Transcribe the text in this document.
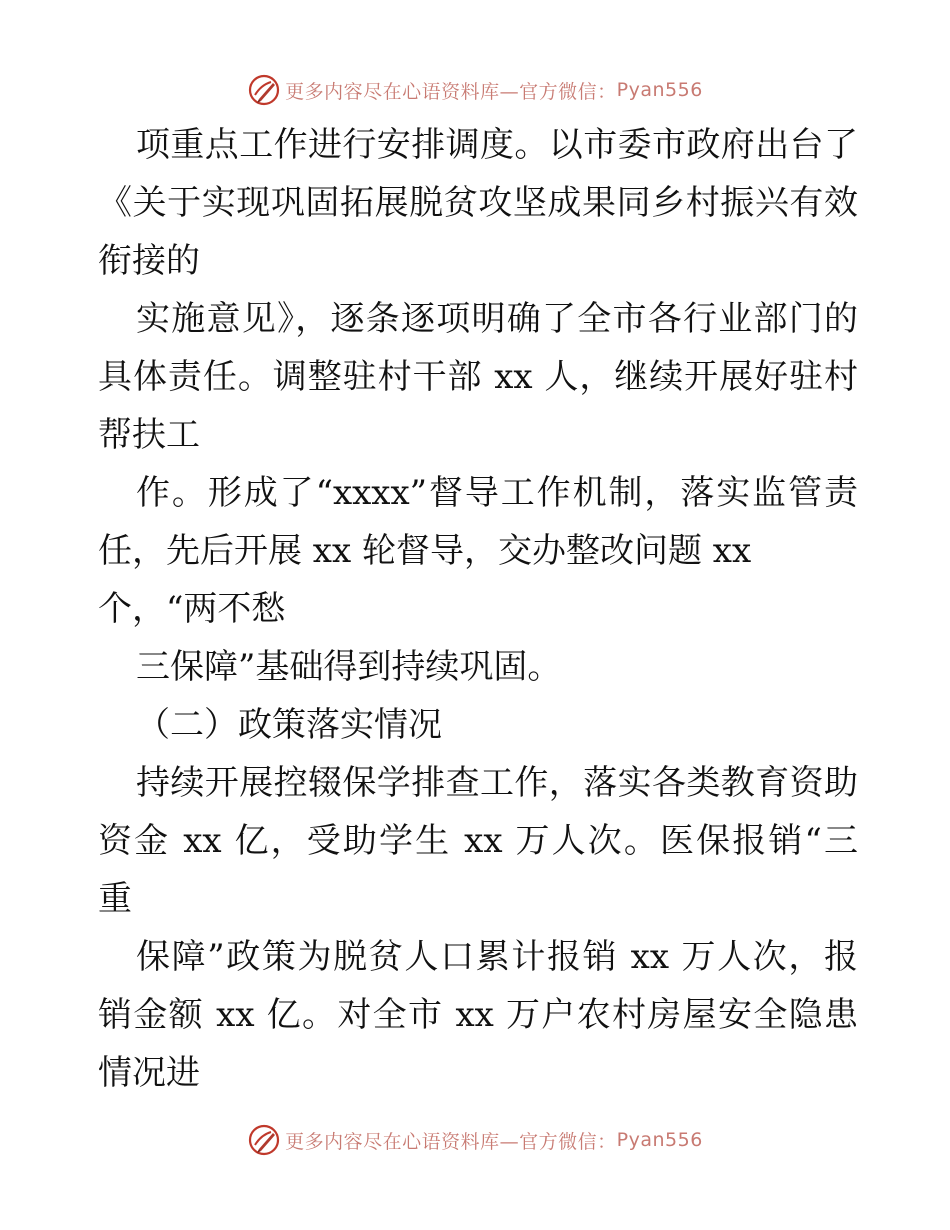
更多内容尽在心语资料库—官方微信： Pyan556
项重点工作进行安排调度。以市委市政府出台了
《关于实现巩固拓展脱贫攻坚成果同乡村振兴有效
衔接的
实施意见》，逐条逐项明确了全市各行业部门的
具体责任。调整驻村干部 xx 人，继续开展好驻村
帮扶工
作。形成了“xxxx”督导工作机制，落实监管责
任，先后开展 xx 轮督导，交办整改问题 xx
个，“两不愁
三保障”基础得到持续巩固。
（二）政策落实情况
持续开展控辍保学排查工作，落实各类教育资助
资金 xx 亿，受助学生 xx 万人次。医保报销“三
重
保障”政策为脱贫人口累计报销 xx 万人次，报
销金额 xx 亿。对全市 xx 万户农村房屋安全隐患
情况进
更多内容尽在心语资料库—官方微信： Pyan556
